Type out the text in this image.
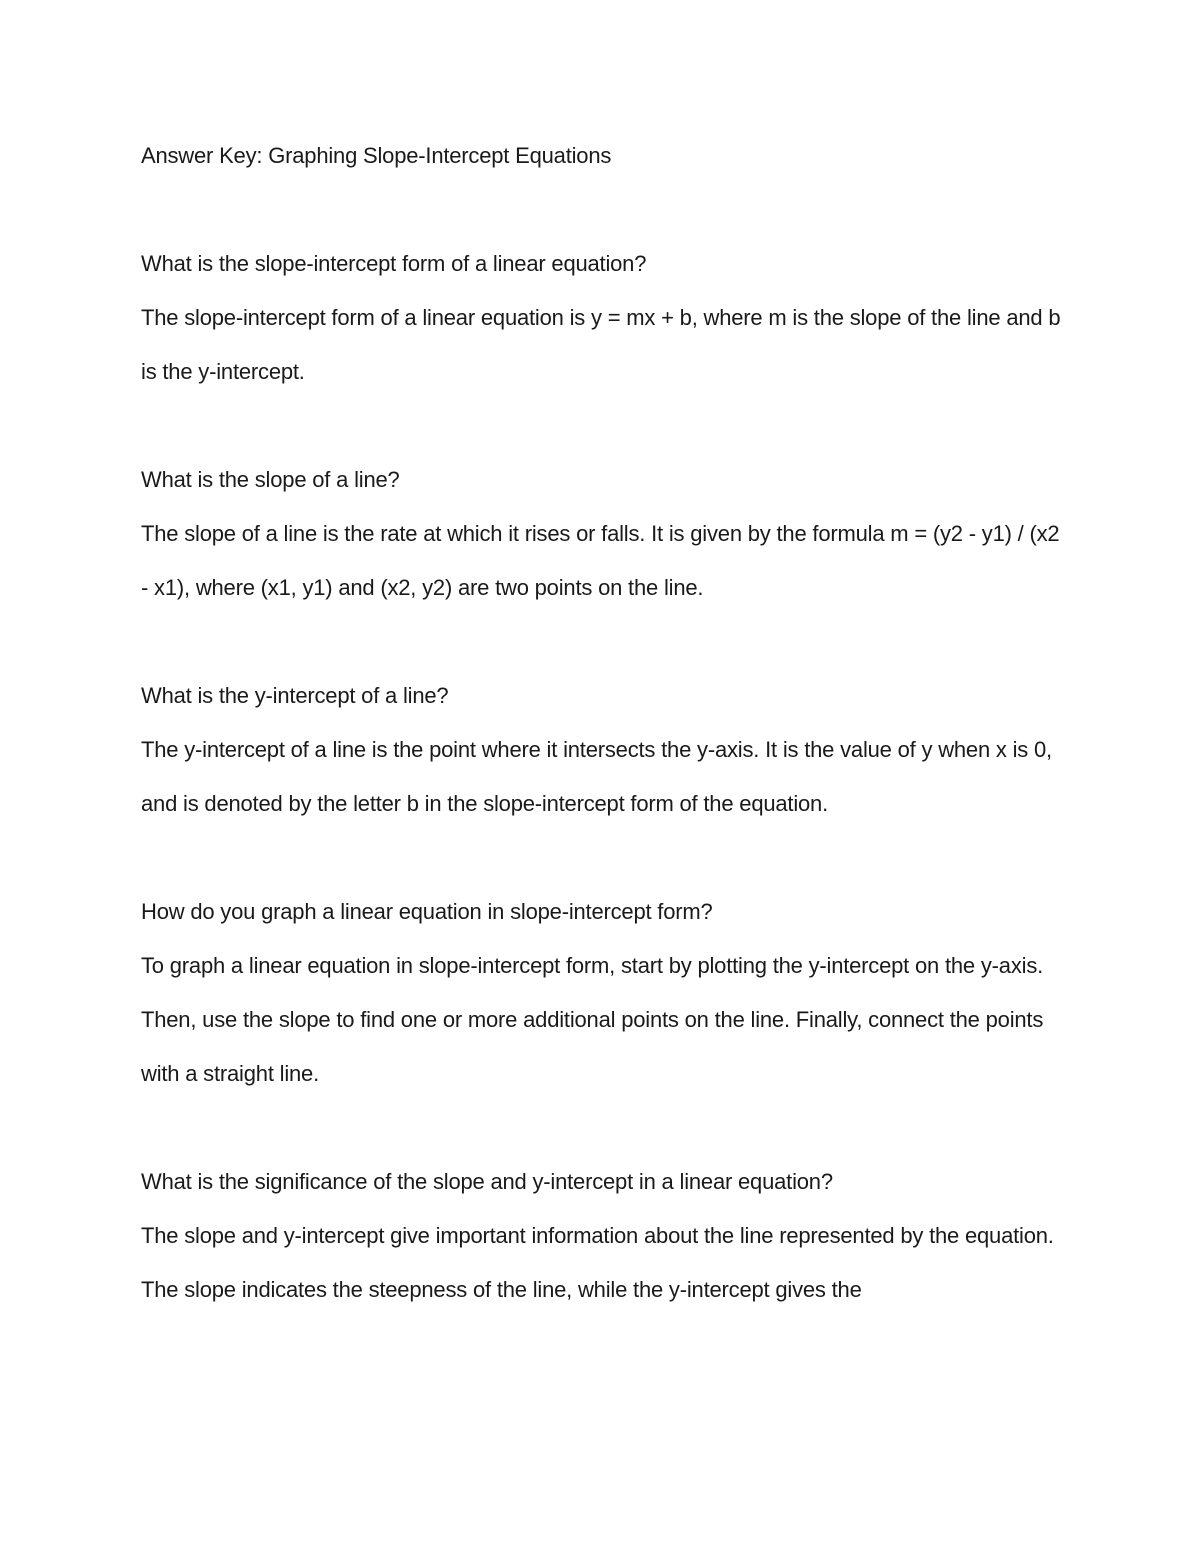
Answer Key: Graphing Slope-Intercept Equations

What is the slope-intercept form of a linear equation?

The slope-intercept form of a linear equation is y = mx + b, where m is the slope of the line and b is the y-intercept.

What is the slope of a line?

The slope of a line is the rate at which it rises or falls. It is given by the formula m = (y2 - y1) / (x2 - x1), where (x1, y1) and (x2, y2) are two points on the line.

What is the y-intercept of a line?

The y-intercept of a line is the point where it intersects the y-axis. It is the value of y when x is 0, and is denoted by the letter b in the slope-intercept form of the equation.

How do you graph a linear equation in slope-intercept form?

To graph a linear equation in slope-intercept form, start by plotting the y-intercept on the y-axis. Then, use the slope to find one or more additional points on the line. Finally, connect the points with a straight line.

What is the significance of the slope and y-intercept in a linear equation?

The slope and y-intercept give important information about the line represented by the equation. The slope indicates the steepness of the line, while the y-intercept gives the
